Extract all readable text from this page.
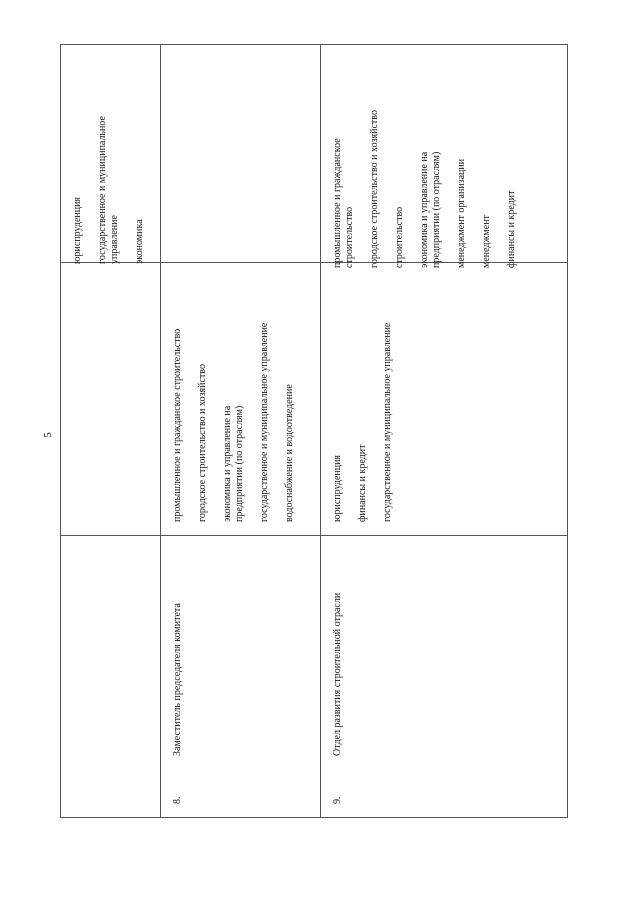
5
юриспруденция государственное и муниципальное управление экономика
8.
Заместитель председателя комитета
промышленное и гражданское строительство городское строительство и хозяйство экономика и управление на предприятии (по отраслям) государственное и муниципальное управление водоснабжение и водоотведение
9.
Отдел развития строительной отрасли
юриспруденция финансы и кредит государственное и муниципальное управление
промышленное и гражданское строительство городское строительство и хозяйство строительство экономика и управление на предприятии (по отраслям) менеджмент организации менеджмент финансы и кредит
